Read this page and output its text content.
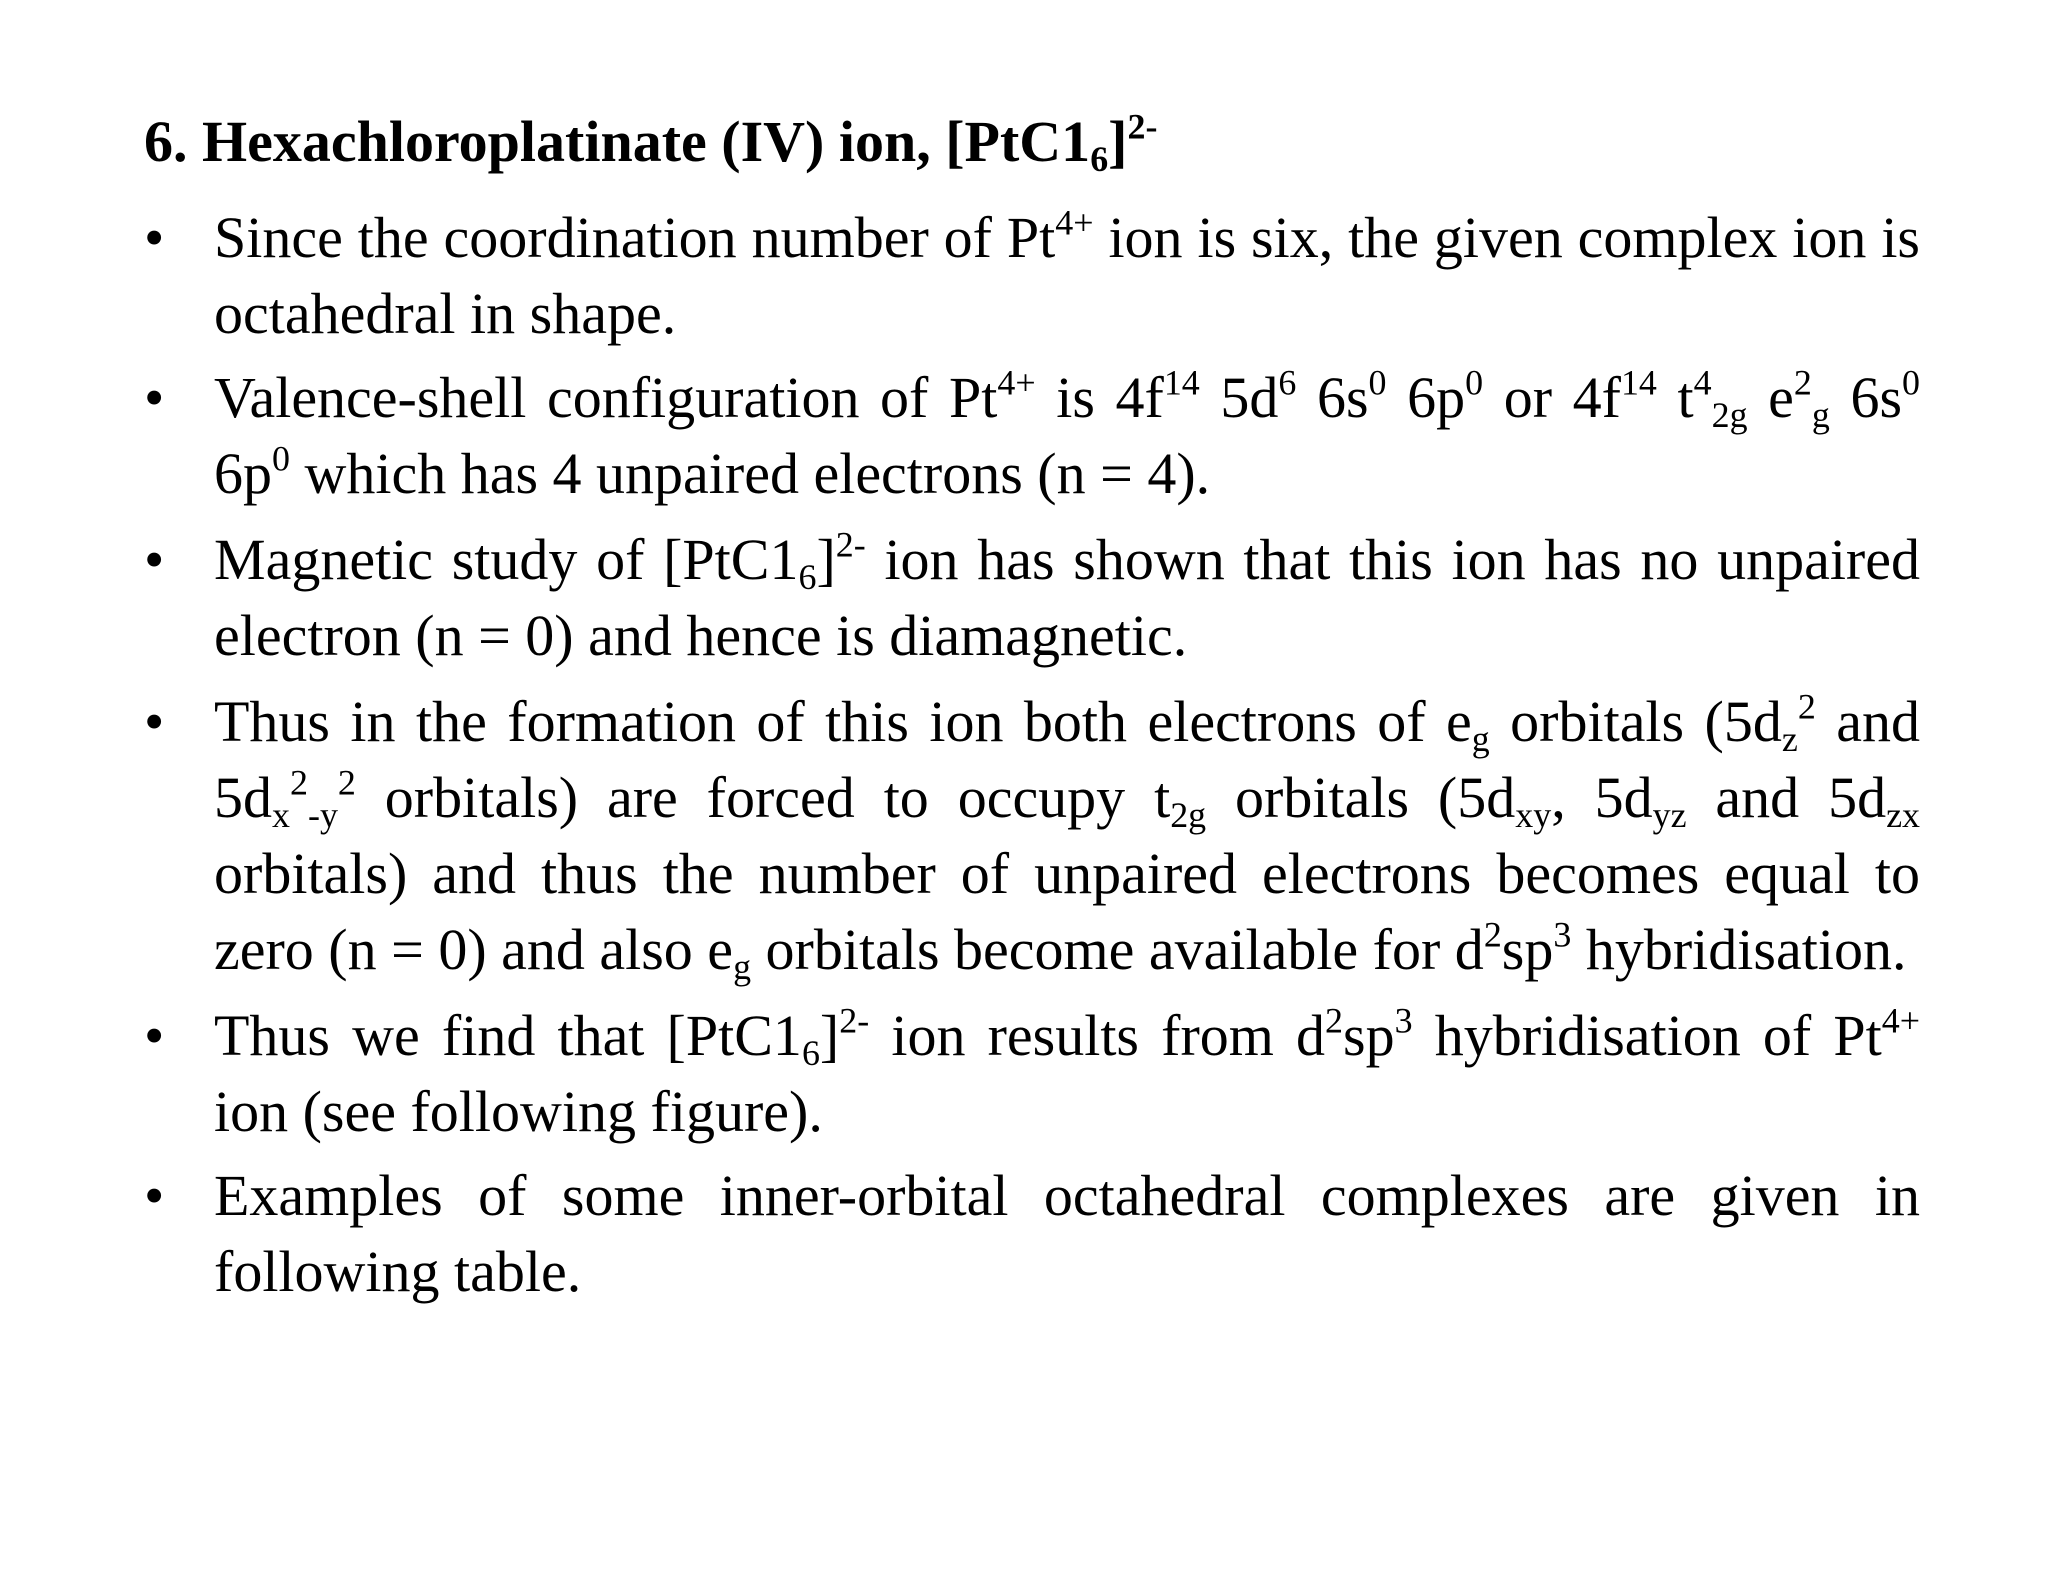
6. Hexachloroplatinate (IV) ion, $[PtC1_6]^{2-}$
• Since the coordination number of $Pt^{4+}$ ion is six, the given complex ion is octahedral in shape.
• Valence-shell configuration of $Pt^{4+}$ is $4f^{14}$ $5d^6$ $6s^0$ $6p^0$ or $4f^{14}$ $t^4_{2g}$ $e^2_g$ $6s^0$ $6p^0$ which has 4 unpaired electrons (n = 4).
• Magnetic study of $[PtC1_6]^{2-}$ ion has shown that this ion has no unpaired electron (n = 0) and hence is diamagnetic.
• Thus in the formation of this ion both electrons of $e_g$ orbitals ($5d_z^2$ and $5d_x^2_{-y}^2$ orbitals) are forced to occupy $t_{2g}$ orbitals ($5d_{xy}$, $5d_{yz}$ and $5d_{zx}$ orbitals) and thus the number of unpaired electrons becomes equal to zero (n = 0) and also $e_g$ orbitals become available for $d^2sp^3$ hybridisation.
• Thus we find that $[PtC1_6]^{2-}$ ion results from $d^2sp^3$ hybridisation of $Pt^{4+}$ ion (see following figure).
• Examples of some inner-orbital octahedral complexes are given in following table.
